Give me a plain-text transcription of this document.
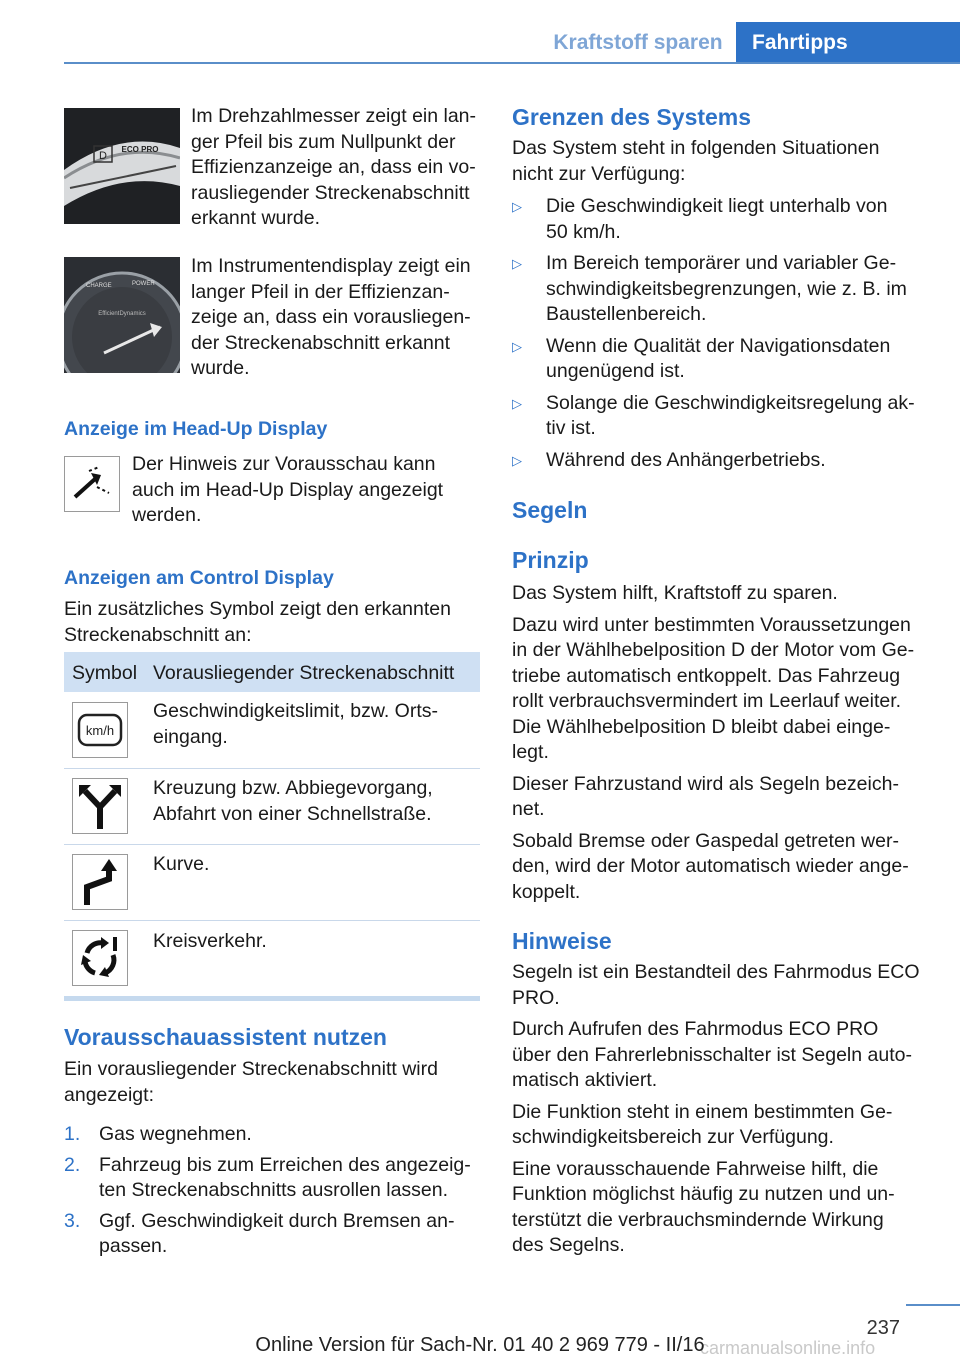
Kraftstoff sparen	Fahrtipps
D
ECO PRO
Im Drehzahlmesser zeigt ein lan-
ger Pfeil bis zum Nullpunkt der
Effizienzanzeige an, dass ein vo-
rausliegender Streckenabschnitt
erkannt wurde.
CHARGE	POWER
EfficientDynamics
Im Instrumentendisplay zeigt ein
langer Pfeil in der Effizienzan-
zeige an, dass ein vorausliegen-
der Streckenabschnitt erkannt
wurde.
Anzeige im Head-Up Display
Der Hinweis zur Vorausschau kann
auch im Head-Up Display angezeigt
werden.
Anzeigen am Control Display
Ein zusätzliches Symbol zeigt den erkannten
Streckenabschnitt an:
Symbol Vorausliegender Streckenabschnitt
km/h
Geschwindigkeitslimit, bzw. Orts-
eingang.
Kreuzung bzw. Abbiegevorgang,
Abfahrt von einer Schnellstraße.
Kurve.
Kreisverkehr.
Vorausschauassistent nutzen
Ein vorausliegender Streckenabschnitt wird
angezeigt:
1. Gas wegnehmen.
2. Fahrzeug bis zum Erreichen des angezeig-
ten Streckenabschnitts ausrollen lassen.
3. Ggf. Geschwindigkeit durch Bremsen an-
passen.
Grenzen des Systems
Das System steht in folgenden Situationen
nicht zur Verfügung:
▷ Die Geschwindigkeit liegt unterhalb von
50 km/h.
▷ Im Bereich temporärer und variabler Ge-
schwindigkeitsbegrenzungen, wie z. B. im
Baustellenbereich.
▷ Wenn die Qualität der Navigationsdaten
ungenügend ist.
▷ Solange die Geschwindigkeitsregelung ak-
tiv ist.
▷ Während des Anhängerbetriebs.
Segeln
Prinzip
Das System hilft, Kraftstoff zu sparen.
Dazu wird unter bestimmten Voraussetzungen
in der Wählhebelposition D der Motor vom Ge-
triebe automatisch entkoppelt. Das Fahrzeug
rollt verbrauchsvermindert im Leerlauf weiter.
Die Wählhebelposition D bleibt dabei einge-
legt.
Dieser Fahrzustand wird als Segeln bezeich-
net.
Sobald Bremse oder Gaspedal getreten wer-
den, wird der Motor automatisch wieder ange-
koppelt.
Hinweise
Segeln ist ein Bestandteil des Fahrmodus ECO
PRO.
Durch Aufrufen des Fahrmodus ECO PRO
über den Fahrerlebnisschalter ist Segeln auto-
matisch aktiviert.
Die Funktion steht in einem bestimmten Ge-
schwindigkeitsbereich zur Verfügung.
Eine vorausschauende Fahrweise hilft, die
Funktion möglichst häufig zu nutzen und un-
terstützt die verbrauchsmindernde Wirkung
des Segelns.
237
carmanualsonline.info
Online Version für Sach-Nr. 01 40 2 969 779 - II/16
